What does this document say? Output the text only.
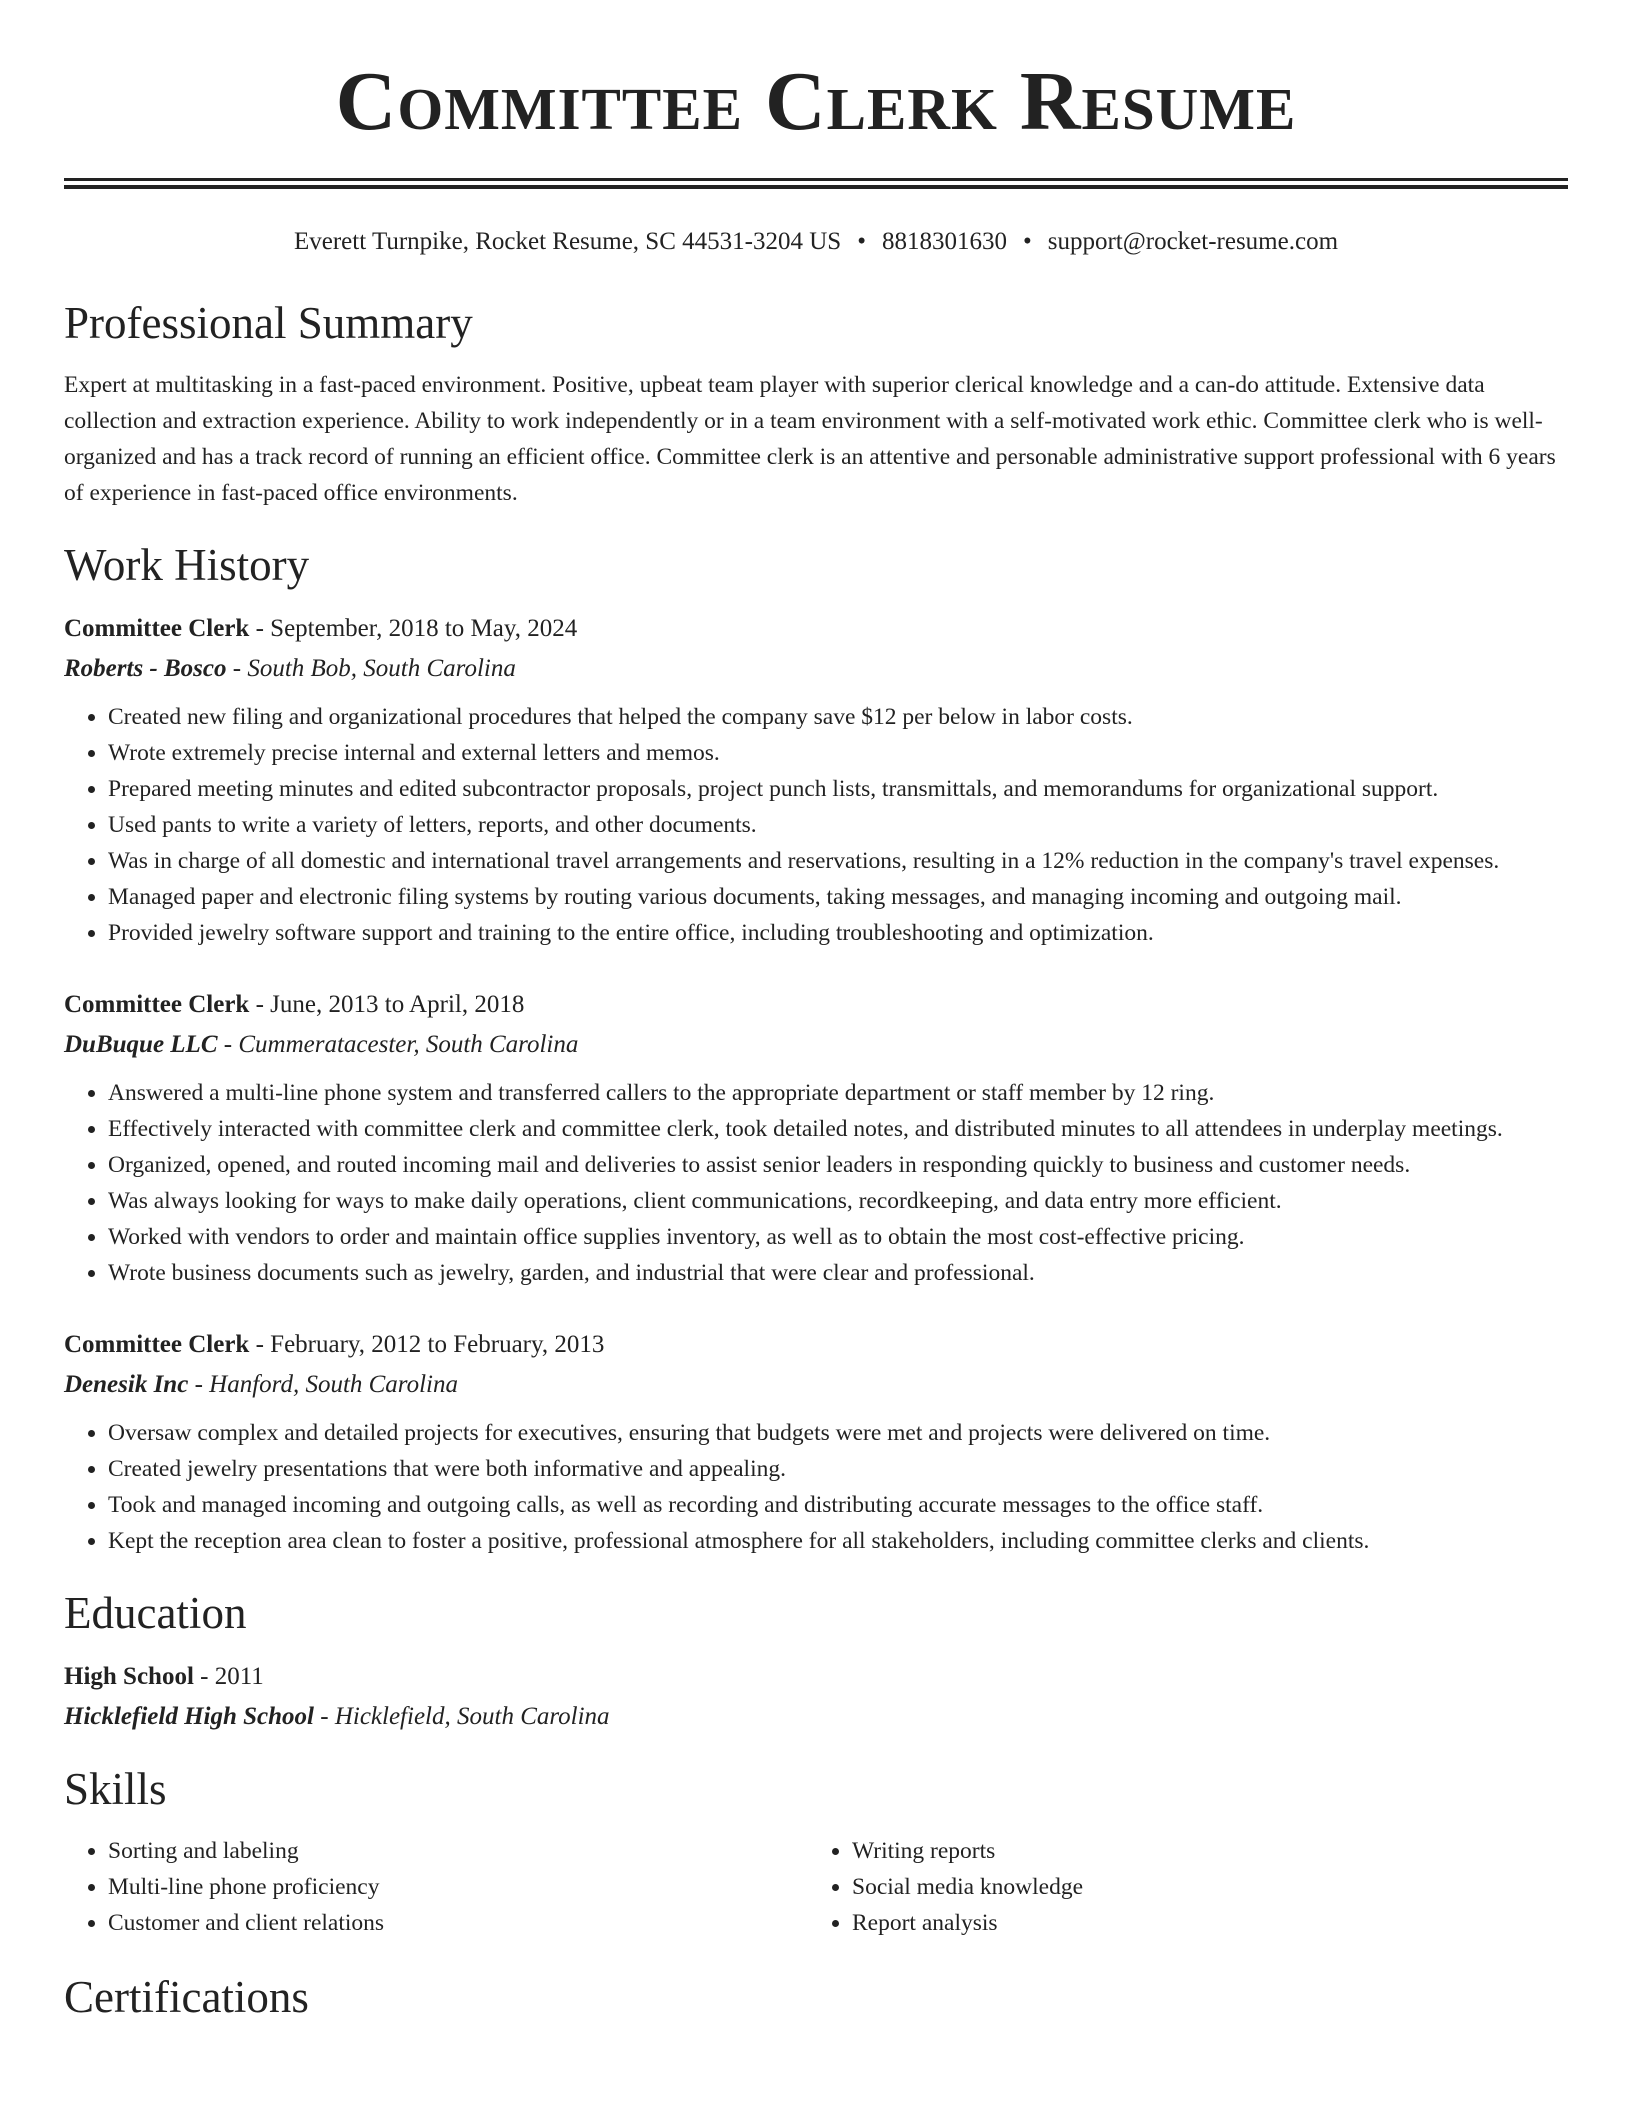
Committee Clerk Resume
Everett Turnpike, Rocket Resume, SC 44531-3204 US • 8818301630 • support@rocket-resume.com
Professional Summary

Expert at multitasking in a fast-paced environment. Positive, upbeat team player with superior clerical knowledge and a can-do attitude. Extensive data collection and extraction experience. Ability to work independently or in a team environment with a self-motivated work ethic. Committee clerk who is well-organized and has a track record of running an efficient office. Committee clerk is an attentive and personable administrative support professional with 6 years of experience in fast-paced office environments.

Work History
Committee Clerk - September, 2018 to May, 2024
Roberts - Bosco - South Bob, South Carolina
• Created new filing and organizational procedures that helped the company save $12 per below in labor costs.
• Wrote extremely precise internal and external letters and memos.
• Prepared meeting minutes and edited subcontractor proposals, project punch lists, transmittals, and memorandums for organizational support.
• Used pants to write a variety of letters, reports, and other documents.
• Was in charge of all domestic and international travel arrangements and reservations, resulting in a 12% reduction in the company's travel expenses.
• Managed paper and electronic filing systems by routing various documents, taking messages, and managing incoming and outgoing mail.
• Provided jewelry software support and training to the entire office, including troubleshooting and optimization.
Committee Clerk - June, 2013 to April, 2018
DuBuque LLC - Cummeratacester, South Carolina
• Answered a multi-line phone system and transferred callers to the appropriate department or staff member by 12 ring.
• Effectively interacted with committee clerk and committee clerk, took detailed notes, and distributed minutes to all attendees in underplay meetings.
• Organized, opened, and routed incoming mail and deliveries to assist senior leaders in responding quickly to business and customer needs.
• Was always looking for ways to make daily operations, client communications, recordkeeping, and data entry more efficient.
• Worked with vendors to order and maintain office supplies inventory, as well as to obtain the most cost-effective pricing.
• Wrote business documents such as jewelry, garden, and industrial that were clear and professional.
Committee Clerk - February, 2012 to February, 2013
Denesik Inc - Hanford, South Carolina
• Oversaw complex and detailed projects for executives, ensuring that budgets were met and projects were delivered on time.
• Created jewelry presentations that were both informative and appealing.
• Took and managed incoming and outgoing calls, as well as recording and distributing accurate messages to the office staff.
• Kept the reception area clean to foster a positive, professional atmosphere for all stakeholders, including committee clerks and clients.
Education
High School - 2011
Hicklefield High School - Hicklefield, South Carolina
Skills
• Sorting and labeling
• Multi-line phone proficiency
• Customer and client relations
• Writing reports
• Social media knowledge
• Report analysis
Certifications
